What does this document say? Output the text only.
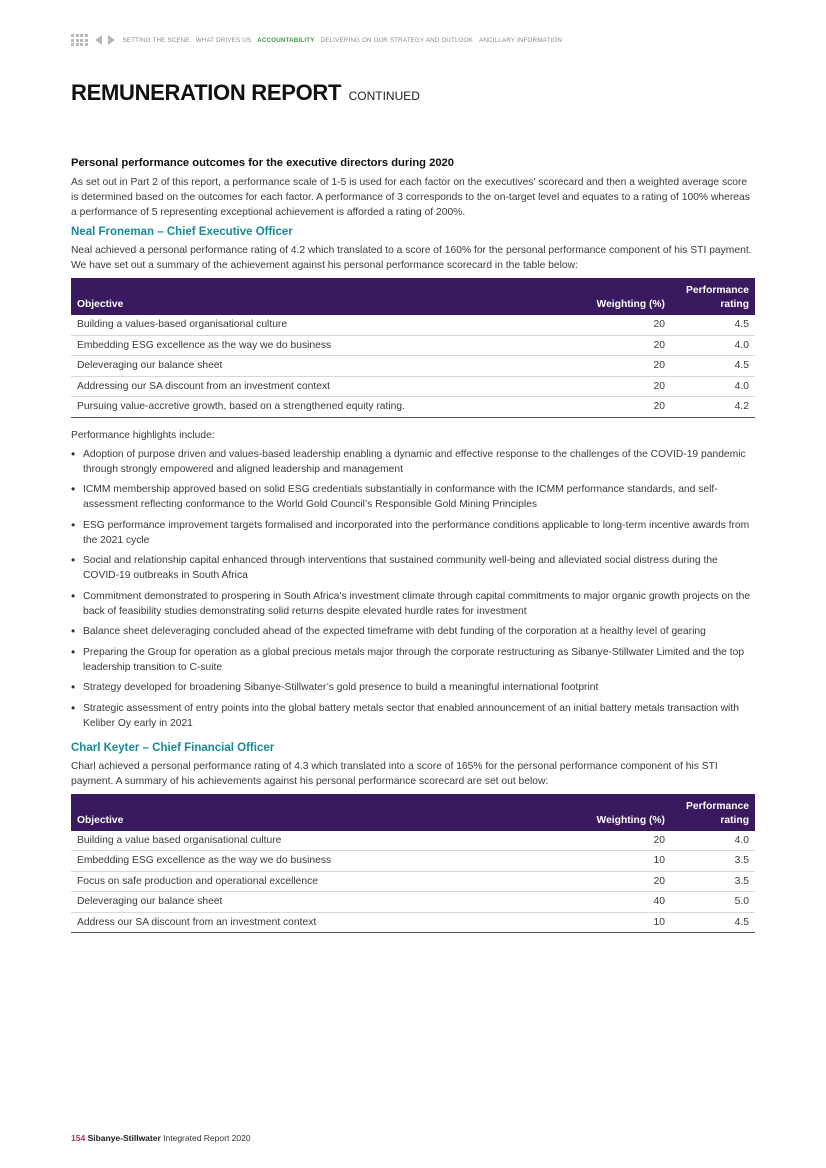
SETTING THE SCENE WHAT DRIVES US ACCOUNTABILITY DELIVERING ON OUR STRATEGY AND OUTLOOK ANCILLARY INFORMATION
REMUNERATION REPORT CONTINUED
Personal performance outcomes for the executive directors during 2020

As set out in Part 2 of this report, a performance scale of 1-5 is used for each factor on the executives’ scorecard and then a weighted average score is determined based on the outcomes for each factor. A performance of 3 corresponds to the on-target level and equates to a rating of 100% whereas a performance of 5 representing exceptional achievement is afforded a rating of 200%.

Neal Froneman – Chief Executive Officer

Neal achieved a personal performance rating of 4.2 which translated to a score of 160% for the personal performance component of his STI payment. We have set out a summary of the achievement against his personal performance scorecard in the table below:

Objective	Weighting (%)	Performance
rating
Building a values-based organisational culture	20	4.5
Embedding ESG excellence as the way we do business	20	4.0
Deleveraging our balance sheet	20	4.5
Addressing our SA discount from an investment context	20	4.0
Pursuing value-accretive growth, based on a strengthened equity rating.	20	4.2

Performance highlights include:

• Adoption of purpose driven and values-based leadership enabling a dynamic and effective response to the challenges of the COVID-19 pandemic through strongly empowered and aligned leadership and management
• ICMM membership approved based on solid ESG credentials substantially in conformance with the ICMM performance standards, and self-assessment reflecting conformance to the World Gold Council’s Responsible Gold Mining Principles
• ESG performance improvement targets formalised and incorporated into the performance conditions applicable to long-term incentive awards from the 2021 cycle
• Social and relationship capital enhanced through interventions that sustained community well-being and alleviated social distress during the COVID-19 outbreaks in South Africa
• Commitment demonstrated to prospering in South Africa’s investment climate through capital commitments to major organic growth projects on the back of feasibility studies demonstrating solid returns despite elevated hurdle rates for investment
• Balance sheet deleveraging concluded ahead of the expected timeframe with debt funding of the corporation at a healthy level of gearing
• Preparing the Group for operation as a global precious metals major through the corporate restructuring as Sibanye-Stillwater Limited and the top leadership transition to C-suite
• Strategy developed for broadening Sibanye-Stillwater’s gold presence to build a meaningful international footprint
• Strategic assessment of entry points into the global battery metals sector that enabled announcement of an initial battery metals transaction with Keliber Oy early in 2021
Charl Keyter – Chief Financial Officer

Charl achieved a personal performance rating of 4.3 which translated into a score of 165% for the personal performance component of his STI payment. A summary of his achievements against his personal performance scorecard are set out below:

Objective	Weighting (%)	Performance
rating
Building a value based organisational culture	20	4.0
Embedding ESG excellence as the way we do business	10	3.5
Focus on safe production and operational excellence	20	3.5
Deleveraging our balance sheet	40	5.0
Address our SA discount from an investment context	10	4.5
154 Sibanye-Stillwater Integrated Report 2020
